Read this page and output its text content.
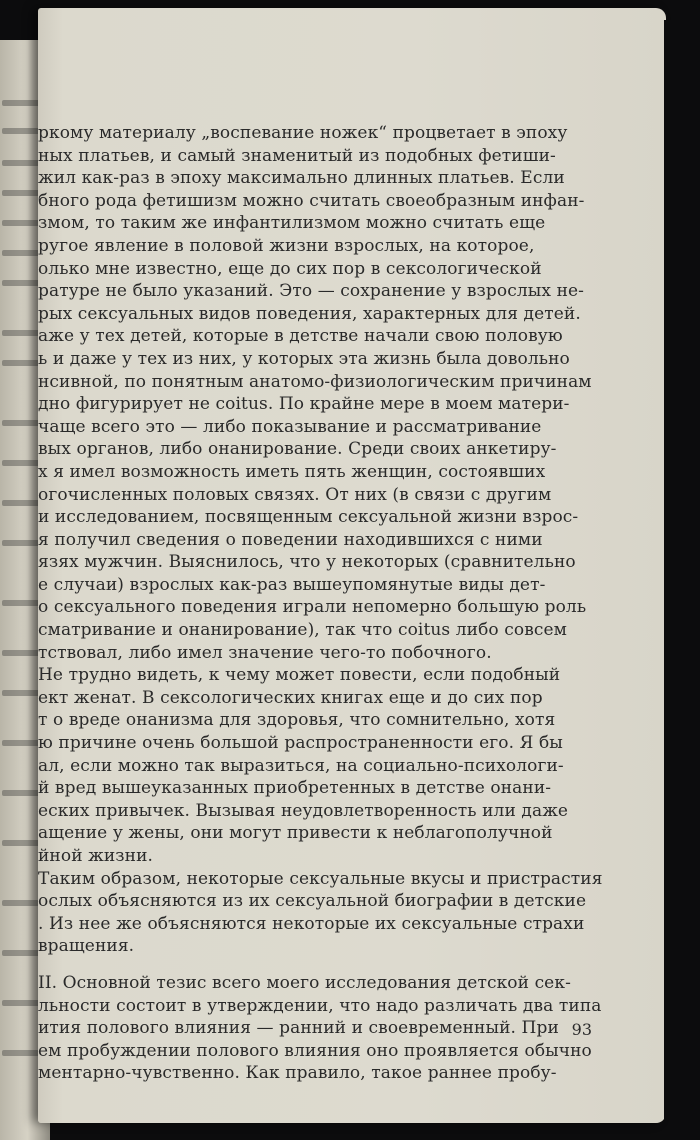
ркому материалу „воспевание ножек“ процветает в эпоху
ных платьев, и самый знаменитый из подобных фетиши-
жил как-раз в эпоху максимально длинных платьев. Если
бного рода фетишизм можно считать своеобразным инфан-
змом, то таким же инфантилизмом можно считать еще
ругое явление в половой жизни взрослых, на которое,
олько мне известно, еще до сих пор в сексологической
ратуре не было указаний. Это — сохранение у взрослых не-
рых сексуальных видов поведения, характерных для детей.
аже у тех детей, которые в детстве начали свою половую
ь и даже у тех из них, у которых эта жизнь была довольно
нсивной, по понятным анатомо-физиологическим причинам
дно фигурирует не coitus. По крайне мере в моем матери-
чаще всего это — либо показывание и рассматривание
вых органов, либо онанирование. Среди своих анкетиру-
х я имел возможность иметь пять женщин, состоявших
огочисленных половых связях. От них (в связи с другим
и исследованием, посвященным сексуальной жизни взрос-
я получил сведения о поведении находившихся с ними
язях мужчин. Выяснилось, что у некоторых (сравнительно
е случаи) взрослых как-раз вышеупомянутые виды дет-
о сексуального поведения играли непомерно большую роль
сматривание и онанирование), так что coitus либо совсем
тствовал, либо имел значение чего-то побочного.
Не трудно видеть, к чему может повести, если подобный
ект женат. В сексологических книгах еще и до сих пор
т о вреде онанизма для здоровья, что сомнительно, хотя
ю причине очень большой распространенности его. Я бы
ал, если можно так выразиться, на социально-психологи-
й вред вышеуказанных приобретенных в детстве онани-
еских привычек. Вызывая неудовлетворенность или даже
ащение у жены, они могут привести к неблагополучной
йной жизни.
Таким образом, некоторые сексуальные вкусы и пристрастия
ослых объясняются из их сексуальной биографии в детские
. Из нее же объясняются некоторые их сексуальные страхи
вращения.
II. Основной тезис всего моего исследования детской сек-
льности состоит в утверждении, что надо различать два типа
ития полового влияния — ранний и своевременный. При
ем пробуждении полового влияния оно проявляется обычно
ментарно-чувственно. Как правило, такое раннее пробу-
93
